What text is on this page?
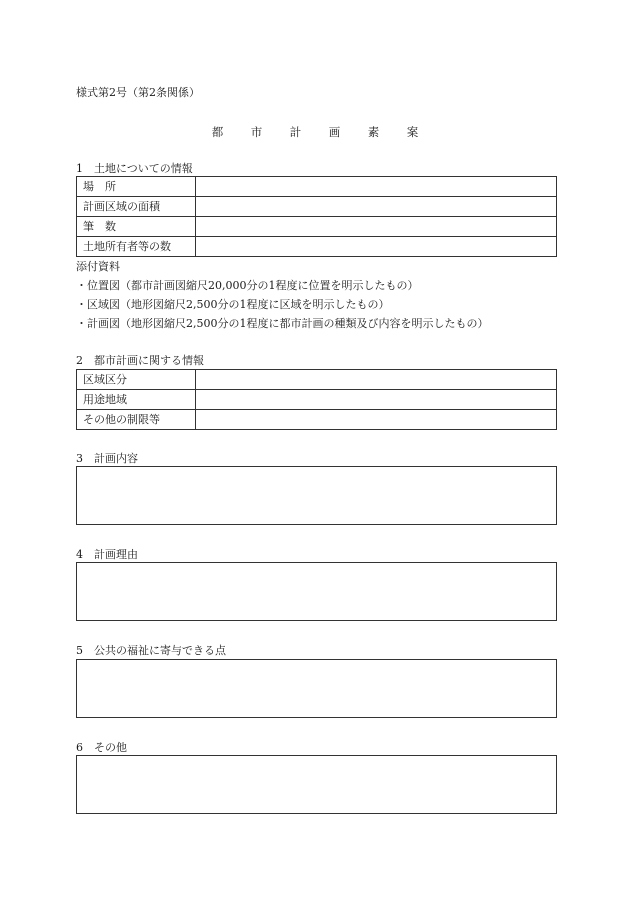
様式第2号（第2条関係）
都 市 計 画 素 案
1　土地についての情報
場　所	
計画区域の面積	
筆　数	
土地所有者等の数	
添付資料
・位置図（都市計画図縮尺20,000分の1程度に位置を明示したもの）
・区域図（地形図縮尺2,500分の1程度に区域を明示したもの）
・計画図（地形図縮尺2,500分の1程度に都市計画の種類及び内容を明示したもの）
2　都市計画に関する情報
区域区分	
用途地域	
その他の制限等	
3　計画内容
4　計画理由
5　公共の福祉に寄与できる点
6　その他
